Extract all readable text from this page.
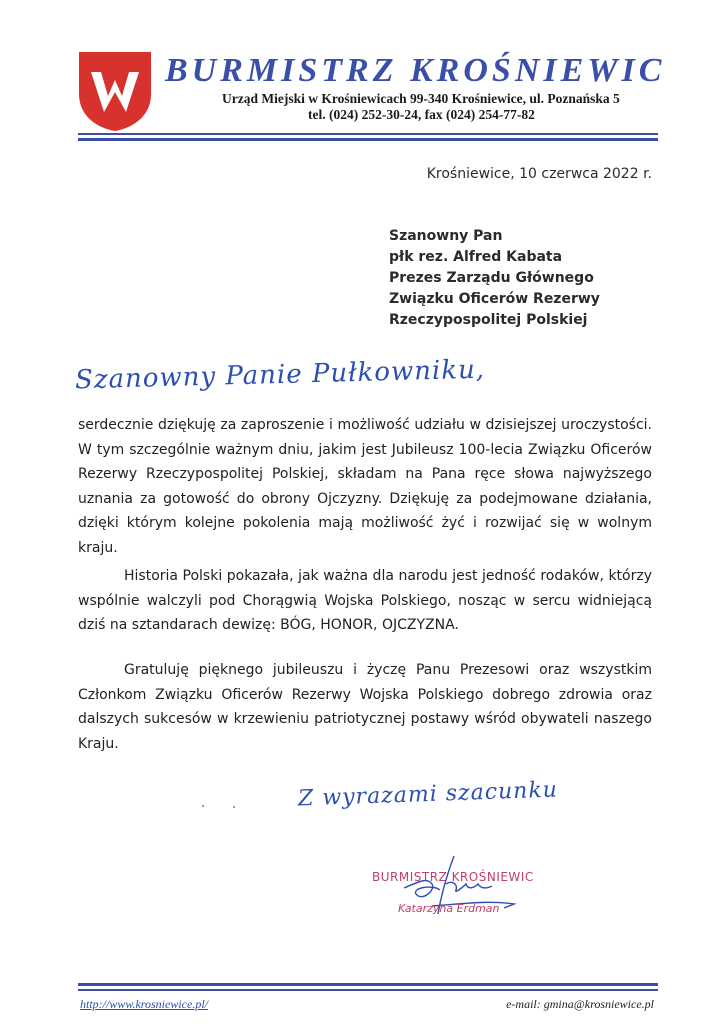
BURMISTRZ KROŚNIEWIC
Urząd Miejski w Krośniewicach 99-340 Krośniewice, ul. Poznańska 5
tel. (024) 252-30-24, fax (024) 254-77-82
Krośniewice, 10 czerwca 2022 r.
Szanowny Pan
płk rez. Alfred Kabata
Prezes Zarządu Głównego
Związku Oficerów Rezerwy
Rzeczypospolitej Polskiej
Szanowny Panie Pułkowniku,
serdecznie dziękuję za zaproszenie i możliwość udziału w dzisiejszej uroczystości. W tym szczególnie ważnym dniu, jakim jest Jubileusz 100-lecia Związku Oficerów Rezerwy Rzeczypospolitej Polskiej, składam na Pana ręce słowa najwyższego uznania za gotowość do obrony Ojczyzny. Dziękuję za podejmowane działania, dzięki którym kolejne pokolenia mają możliwość żyć i rozwijać się w wolnym kraju.
Historia Polski pokazała, jak ważna dla narodu jest jedność rodaków, którzy wspólnie walczyli pod Chorągwią Wojska Polskiego, nosząc w sercu widniejącą dziś na sztandarach dewizę: BÓG, HONOR, OJCZYZNA.
Gratuluję pięknego jubileuszu i życzę Panu Prezesowi oraz wszystkim Członkom Związku Oficerów Rezerwy Wojska Polskiego dobrego zdrowia oraz dalszych sukcesów w krzewieniu patriotycznej postawy wśród obywateli naszego Kraju.
Z wyrazami szacunku
BURMISTRZ KROŚNIEWIC
Katarzyna Erdman
http://www.krosniewice.pl/	e-mail: gmina@krosniewice.pl
